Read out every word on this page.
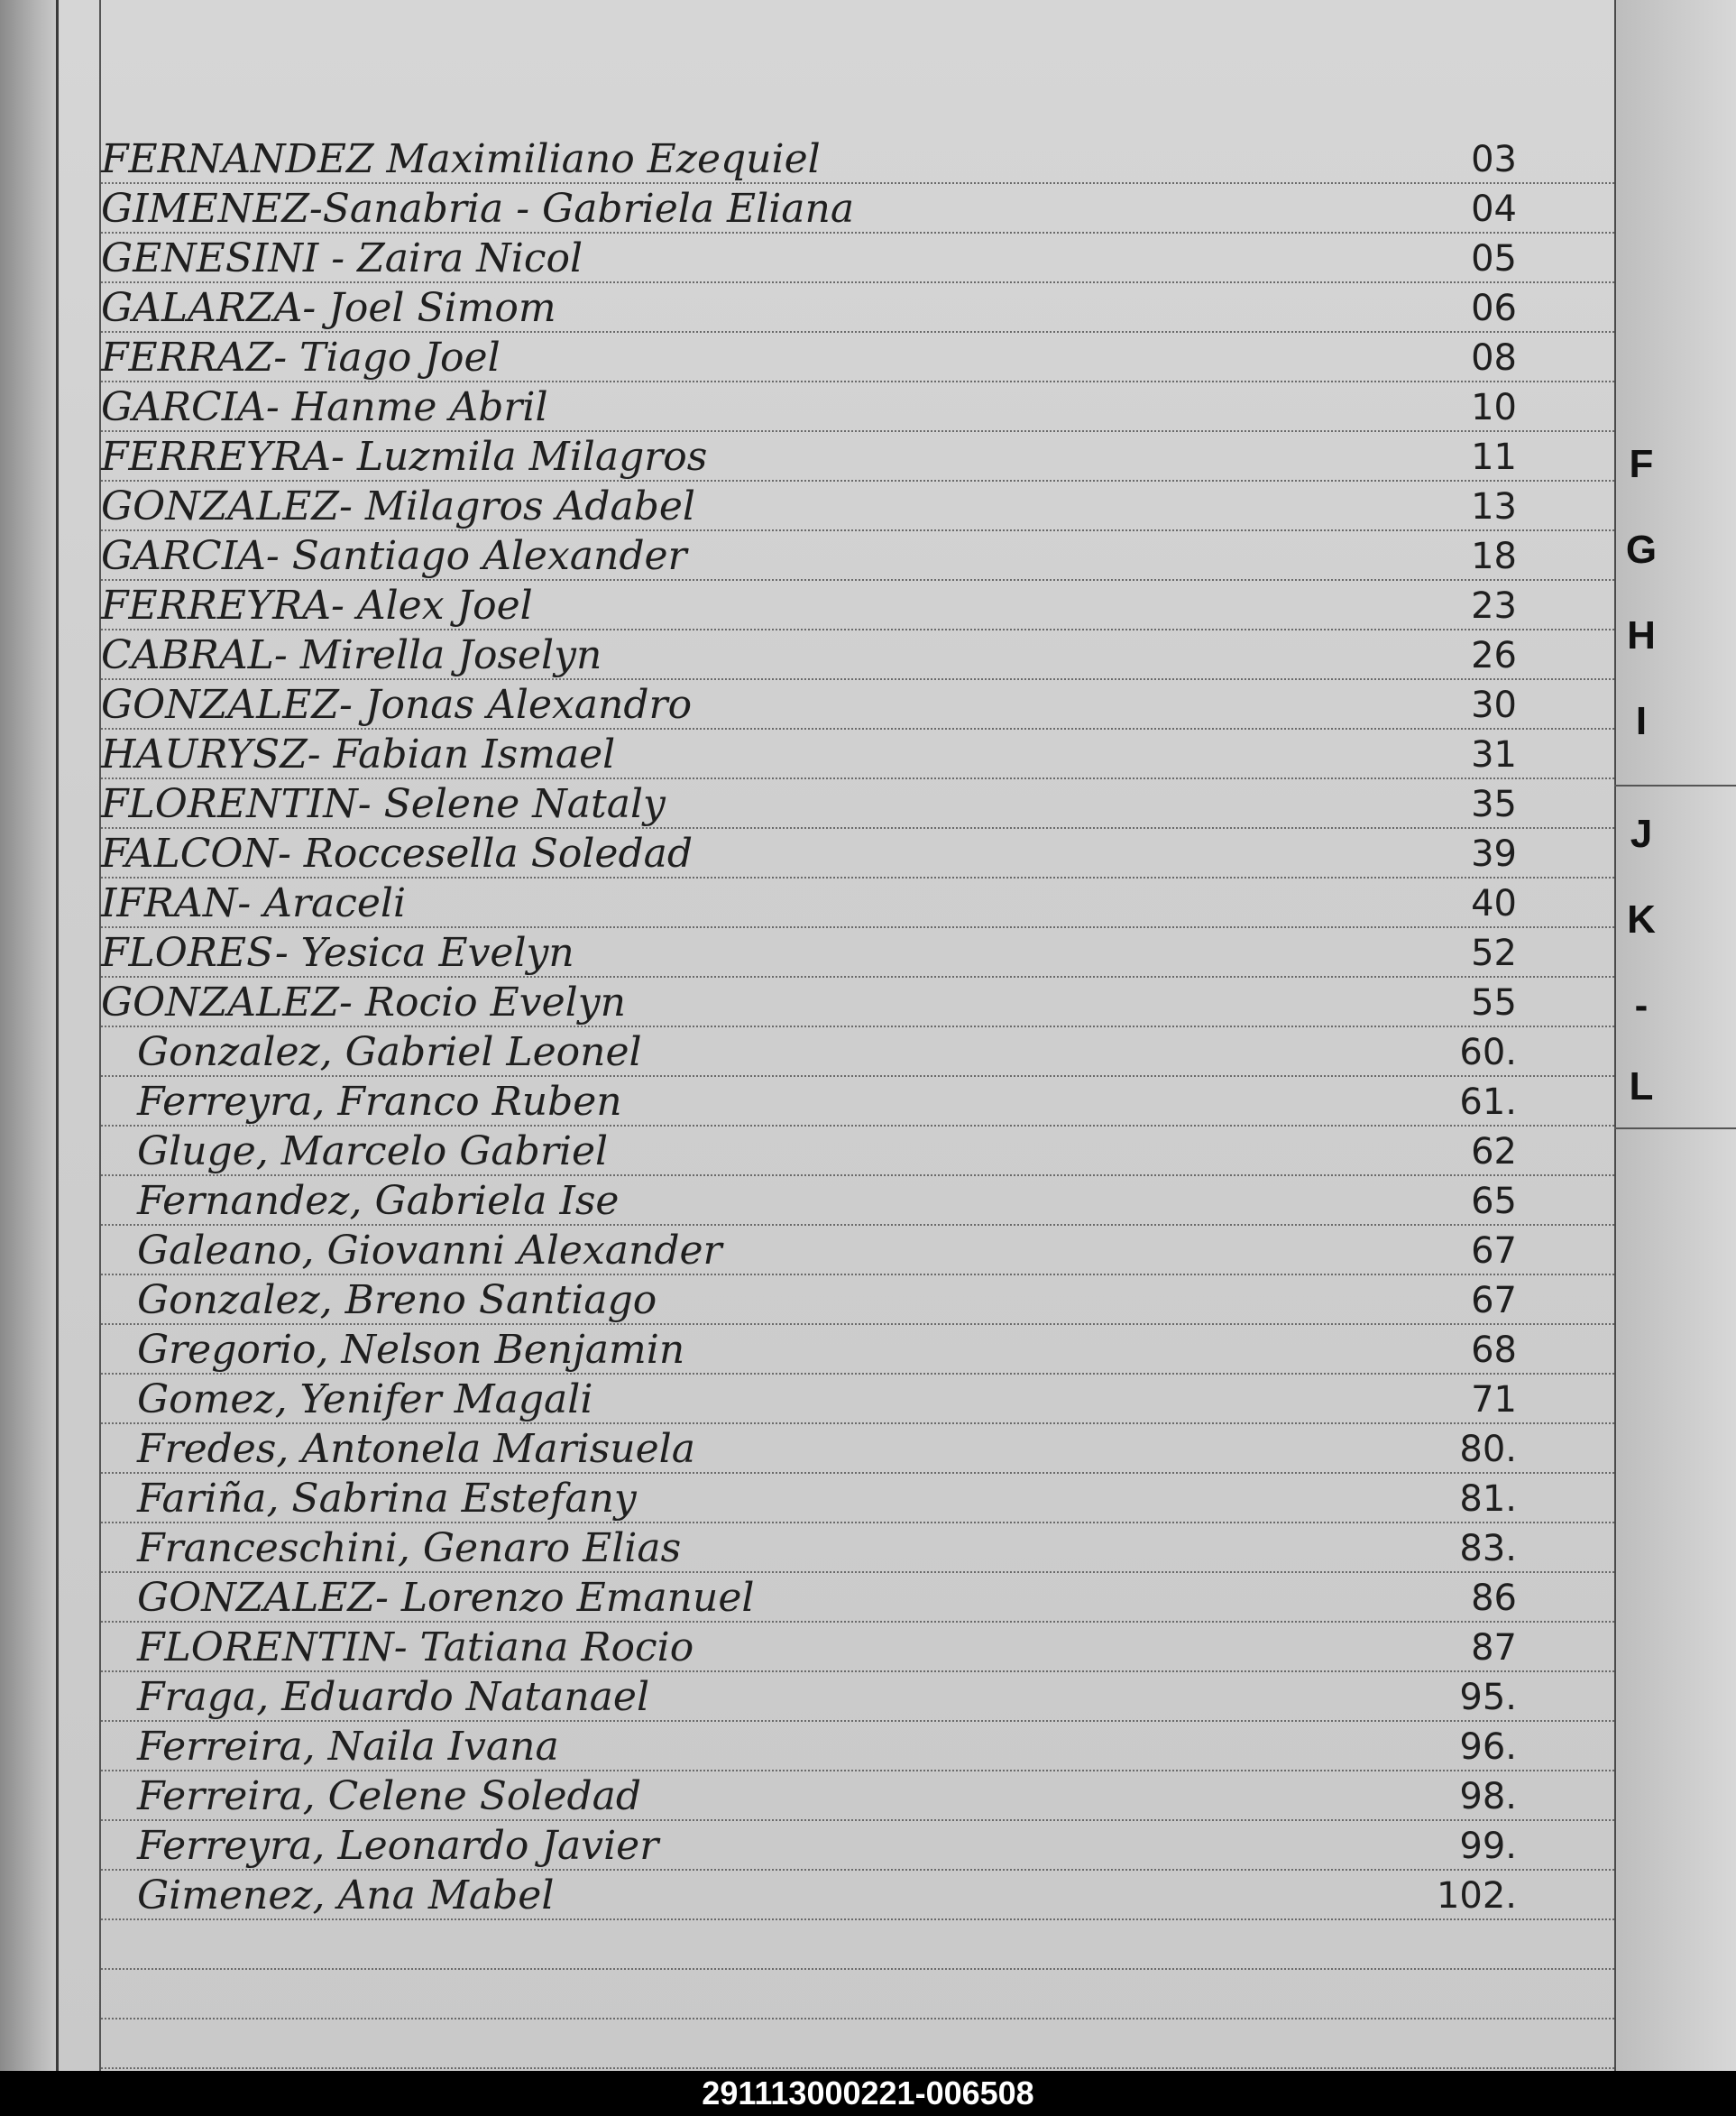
FERNANDEZ Maximiliano Ezequiel	03
GIMENEZ-Sanabria - Gabriela Eliana	04
GENESINI - Zaira Nicol	05
GALARZA- Joel Simom	06
FERRAZ- Tiago Joel	08
GARCIA- Hanme Abril	10
FERREYRA- Luzmila Milagros	11
GONZALEZ- Milagros Adabel	13
GARCIA- Santiago Alexander	18
FERREYRA- Alex Joel	23
CABRAL- Mirella Joselyn	26
GONZALEZ- Jonas Alexandro	30
HAURYSZ- Fabian Ismael	31
FLORENTIN- Selene Nataly	35
FALCON- Roccesella Soledad	39
IFRAN- Araceli	40
FLORES- Yesica Evelyn	52
GONZALEZ- Rocio Evelyn	55
Gonzalez, Gabriel Leonel	60.
Ferreyra, Franco Ruben	61.
Gluge, Marcelo Gabriel	62
Fernandez, Gabriela Ise	65
Galeano, Giovanni Alexander	67
Gonzalez, Breno Santiago	67
Gregorio, Nelson Benjamin	68
Gomez, Yenifer Magali	71
Fredes, Antonela Marisuela	80.
Fariña, Sabrina Estefany	81.
Franceschini, Genaro Elias	83.
GONZALEZ- Lorenzo Emanuel	86
FLORENTIN- Tatiana Rocio	87
Fraga, Eduardo Natanael	95.
Ferreira, Naila Ivana	96.
Ferreira, Celene Soledad	98.
Ferreyra, Leonardo Javier	99.
Gimenez, Ana Mabel	102.
F
G
H
I
J
K
-
L
291113000221-006508
